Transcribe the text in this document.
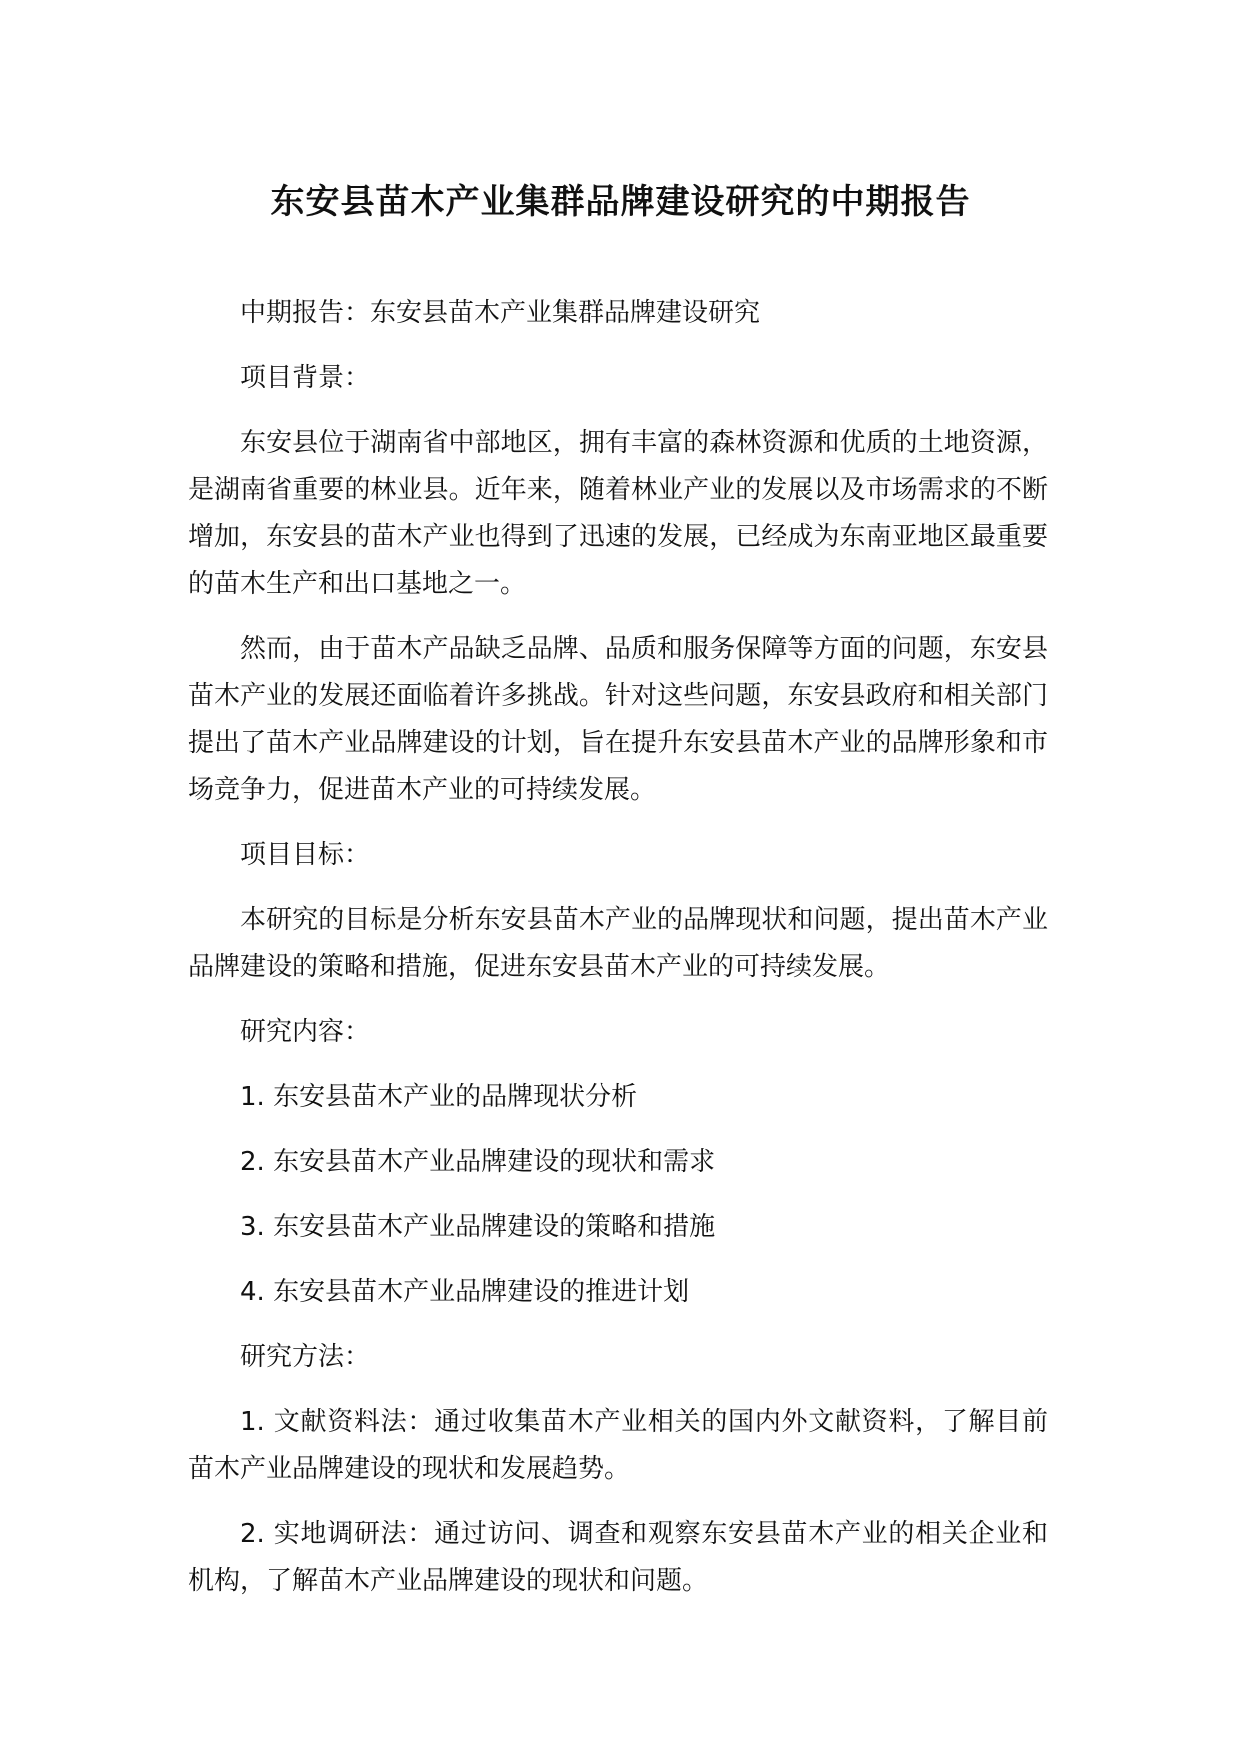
东安县苗木产业集群品牌建设研究的中期报告

中期报告：东安县苗木产业集群品牌建设研究

项目背景：

东安县位于湖南省中部地区，拥有丰富的森林资源和优质的土地资源，是湖南省重要的林业县。近年来，随着林业产业的发展以及市场需求的不断增加，东安县的苗木产业也得到了迅速的发展，已经成为东南亚地区最重要的苗木生产和出口基地之一。

然而，由于苗木产品缺乏品牌、品质和服务保障等方面的问题，东安县苗木产业的发展还面临着许多挑战。针对这些问题，东安县政府和相关部门提出了苗木产业品牌建设的计划，旨在提升东安县苗木产业的品牌形象和市场竞争力，促进苗木产业的可持续发展。

项目目标：

本研究的目标是分析东安县苗木产业的品牌现状和问题，提出苗木产业品牌建设的策略和措施，促进东安县苗木产业的可持续发展。

研究内容：

1. 东安县苗木产业的品牌现状分析

2. 东安县苗木产业品牌建设的现状和需求

3. 东安县苗木产业品牌建设的策略和措施

4. 东安县苗木产业品牌建设的推进计划

研究方法：

1. 文献资料法：通过收集苗木产业相关的国内外文献资料，了解目前苗木产业品牌建设的现状和发展趋势。

2. 实地调研法：通过访问、调查和观察东安县苗木产业的相关企业和机构，了解苗木产业品牌建设的现状和问题。
